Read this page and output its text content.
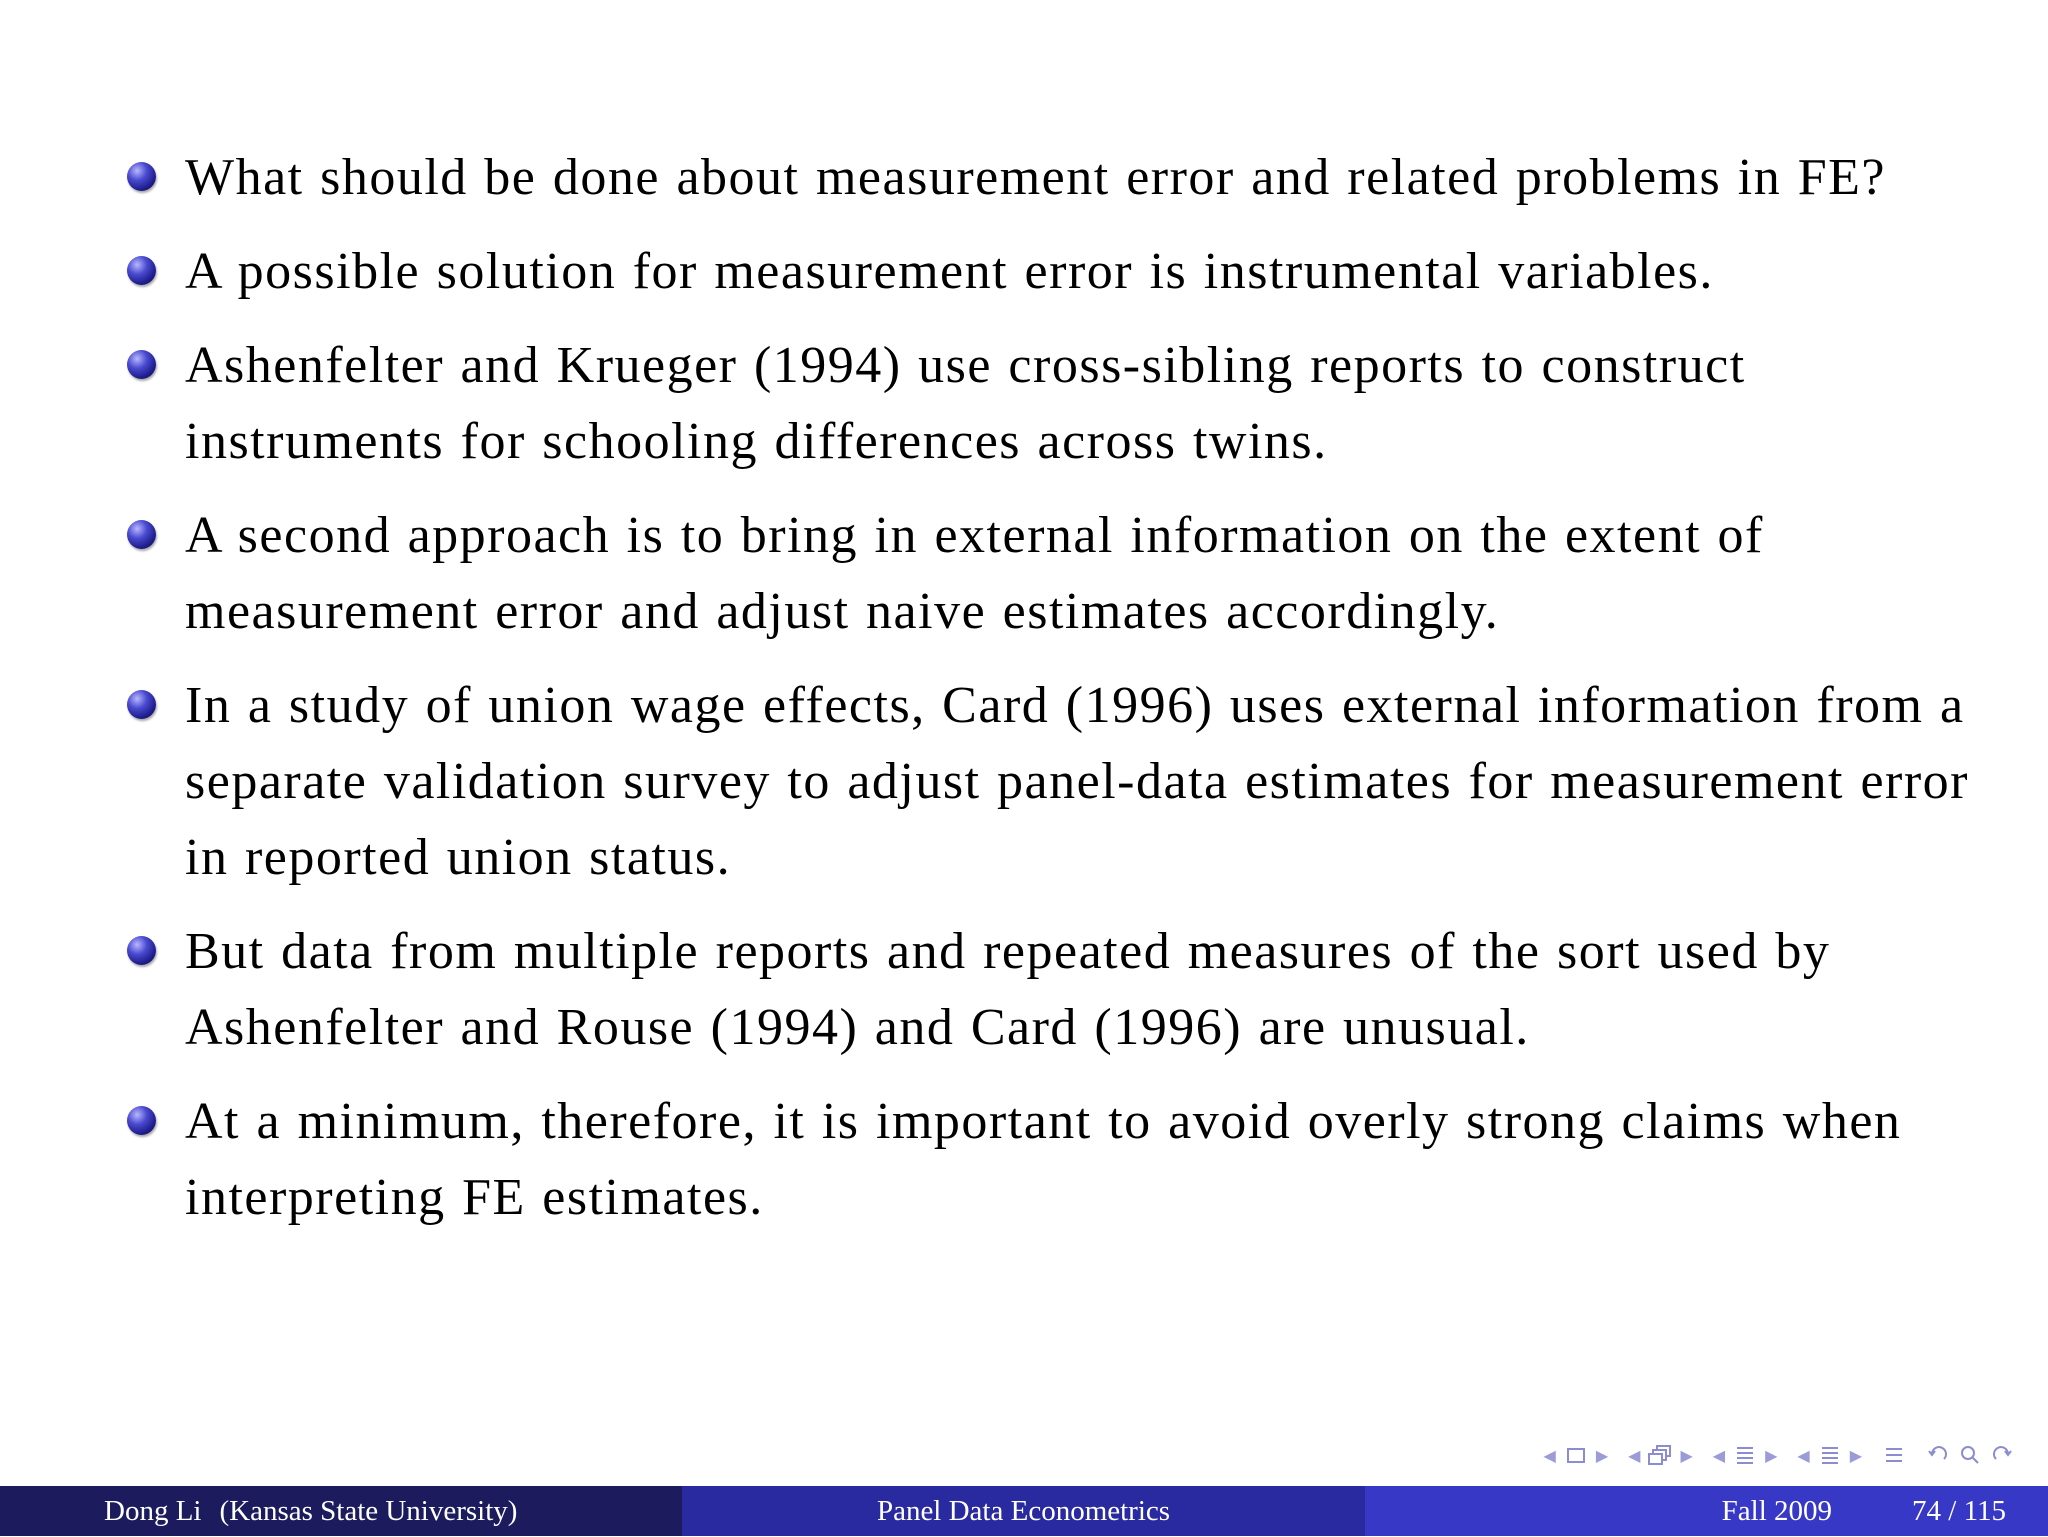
What should be done about measurement error and related problems in FE?
A possible solution for measurement error is instrumental variables.
Ashenfelter and Krueger (1994) use cross-sibling reports to construct instruments for schooling differences across twins.
A second approach is to bring in external information on the extent of measurement error and adjust naive estimates accordingly.
In a study of union wage effects, Card (1996) uses external information from a separate validation survey to adjust panel-data estimates for measurement error in reported union status.
But data from multiple reports and repeated measures of the sort used by Ashenfelter and Rouse (1994) and Card (1996) are unusual.
At a minimum, therefore, it is important to avoid overly strong claims when interpreting FE estimates.
◀	▶ ◀	▶ ◀	▶ ◀	▶
Dong Li (Kansas State University)	Panel Data Econometrics	Fall 2009	74 / 115
